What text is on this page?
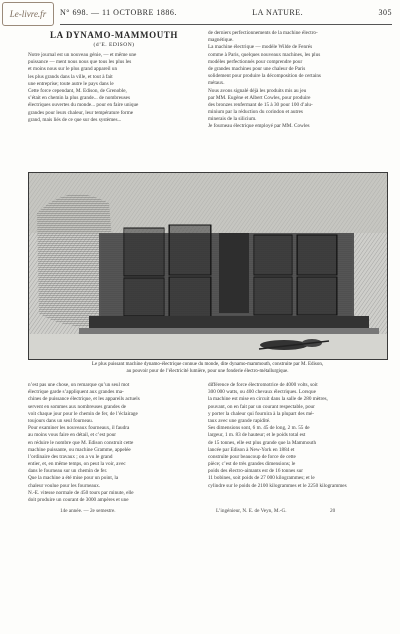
Le-livre.fr	N° 698. — 11 OCTOBRE 1886.	LA NATURE.	305
LA DYNAMO-MAMMOUTH
(d’E. EDISON)
Notre journal est un nouveau génie, — et même une
puissance — ment nous nous que tous les plus les
et moins nous sur le plus grand appareil un
les plus grands dans la ville, et tout à fait
une entreprise; toute autre le pays dans le
Cette force cependant, M. Edison, de Grenoble,
s’était en chemin la plus grande... de nombreuses
électriques ouvertes du monde... pour en faire unique
grandes pour leurs chaleur, leur température forme
grand, mais liés de ce que sur des systèmes...
de derniers perfectionnements de la machine électro-
magnétique.
La machine électrique — modèle Wilde de Fenrés
comme à Paris, quelques nouveaux machines, les plus
modèles perfectionnés pour comprendre pour
de grandes machines pour une chaleur de Paris
solidement pour produire la décomposition de certains
métaux.
Nous avons signalé déjà les produits mis au jeu
par MM. Eugène et Albert Cowles, pour produire
des bronzes renfermant de 15 à 30 pour 100 d’alu-
minium par la réduction du corindon et autres
minerais de la silicium.
Je fourneau électrique employé par MM. Cowles
Le plus puissant machine dynamo-électrique connue du monde, dite dynamo-mammouth, construite par M. Edison,
au pouvoir pour de l’électricité lumière, pour une fonderie électro-métallurgique.
n’est pas une chose, on remarque qu’un seul mot
électrique garde s’appliquent aux grandes ma-
chines de puissance électrique, et les appareils actuels
servent en sommes aux nombreuses grandes de
voit chaque jour pour le chemin de fer, de l’éclairage
toujours dans un seul fourneau.
Pour examiner les nouveaux fourneaux, il faudra
au moins vous faire en détail, et c’est pour
en réduire le nombre que M. Edison construit cette
machine puissante, ou machine Gramme, appelée
l’ordinaire des travaux ; on a vu le grand
entier, et, en même temps, on peut la voir, avec
dans le fourneau sur un chemin de fer.
Que la machine a été mise pour un point, la
chaleur voulue pour les fourneaux.
N.-E. vitesse normale de 450 tours par minute, elle
doit produire un courant de 3000 ampères et une
différence de force électromotrice de 4000 volts, soit
300 000 watts, ou 400 chevaux électriques. Lorsque
la machine est mise en circuit dans la salle de 280 mètres,
pouvant, on en fait par un courant respectable, pour
y porter la chaleur qui fournira à la plupart des mé-
taux avec une grande rapidité.
Ses dimensions sont, 6 m. 45 de long, 2 m. 55 de
largeur, 1 m. 83 de hauteur; et le poids total est
de 15 tonnes, elle est plus grande que la Mammouth
lancée par Edison à New-York en 1884 et
construite pour beaucoup de force de cette
pièce; c’est de très grandes dimensions; le
poids des électro-aimants est de 16 tonnes sur
11 bobines, soit poids de 27 000 kilogrammes; et le
cylindre sur le poids de 2100 kilogrammes et le 2250 kilogrammes
14e année. — 2e semestre.	L’ingénieur, N. E. de Veyn, M.-G.	20
